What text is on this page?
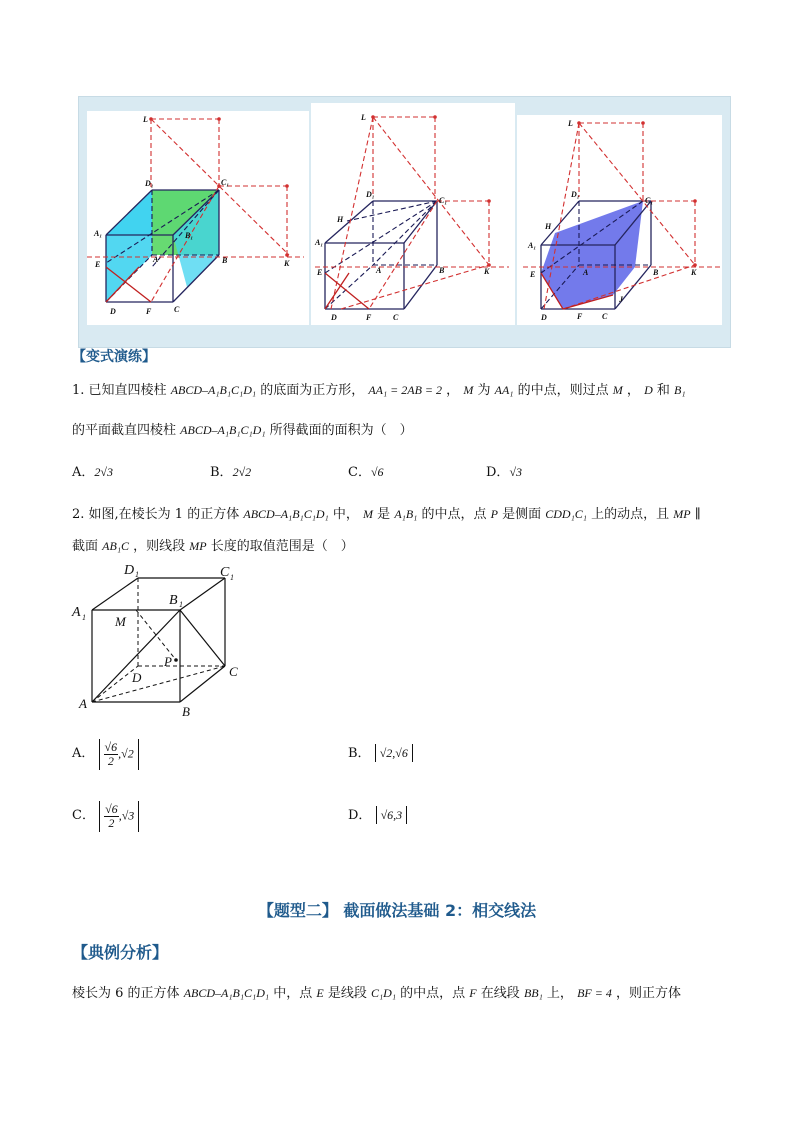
L
D₁	C₁
A₁	B₁
E
A	B
D	F	C
K
L
D₁
C₁
H
A₁
E	A	B
D	F	C
K
L
D₁
C₁
H
A₁
E	A	B
J
D	F C
K
【变式演练】
1. 已知直四棱柱 ABCD–A₁B₁C₁D₁ 的底面为正方形， AA₁ = 2AB = 2 ， M 为 AA₁ 的中点，则过点 M ， D 和 B₁
的平面截直四棱柱 ABCD–A₁B₁C₁D₁ 所得截面的面积为（　）
A．2√3	B．2√2	C．√6	D．√3
2. 如图,在棱长为 1 的正方体 ABCD–A₁B₁C₁D₁ 中， M 是 A₁B₁ 的中点，点 P 是侧面 CDD₁C₁ 上的动点，且 MP ∥
截面 AB₁C ，则线段 MP 长度的取值范围是（　）
D 1	C 1
A 1
B 1
M
P
D	C
A
B
A． $\frac{√6}{2} ,√2$	B． √2,√6
C． $\frac{√6}{2} ,√3$	D． √6,3
【题型二】 截面做法基础 2：相交线法
【典例分析】
棱长为 6 的正方体 ABCD–A₁B₁C₁D₁ 中，点 E 是线段 C₁D₁ 的中点，点 F 在线段 BB₁ 上， BF = 4 ，则正方体
